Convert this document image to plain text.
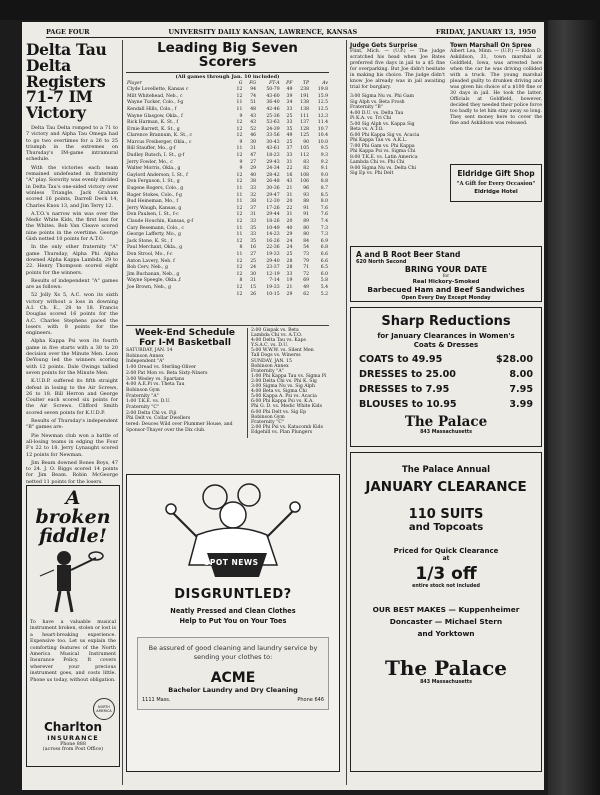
PAGE FOUR	UNIVERSITY DAILY KANSAN, LAWRENCE, KANSAS	FRIDAY, JANUARY 13, 1950
Delta Tau Delta Registers 71-7 IM Victory

Delta Tau Delta romped to a 71 to 7 victory and Alpha Tau Omega had to go two overtimes for a 26 to 25 triumph in the extremes on Thursday's IM-game intramural schedule.

With the victories each team remained undefeated in fraternity "A" play. Sorority was evenly divided in Delta Tau's one-sided victory over winless Triangle. Jack Graham scored 16 points, Darrell Deck 14, Charles Knox 13, and Jim Terry 12.

A.T.O.'s narrow win was over the Medic White Kids, the first loss for the Whites. Bob Van Cleave scored nine points in the overtime. George Gish netted 10 points for A.T.O.

In the only other fraternity "A" game Thursday, Alpha Phi Alpha downed Alpha Kappa Lambda, 29 to 22. Henry Thompson scored eight points for the winners.

Results of independent "A" games are as follows:

52 Jolly Xs 5, A.C. won its sixth victory without a loss in downing A.I. Ch. E., 28 to 18. Francis Douglas scored 16 points for the A.C. Charles Stephens paced the losers with 8 points for the engineers.

Alpha Kappa Psi won its fourth game in five starts with a 30 to 20 decision over the Minute Men. Leon DeYoung led the winners scoring with 12 points. Dale Owings tallied seven points for the Minute Men.

K.U.D.P. suffered its fifth straight defeat in losing to the Air Screws, 26 to 18. Bill Herron and George Coulter each scored six points for the Air Screws. Clifford Smith scored seven points for K.U.D.P.

Results of Thursday's independent "B" games are:

Pie Newman club won a battle of all-losing teams in edging the Four F's 22 to 18. Jerry Lynaught scored 12 points for Newman.

Jim Beam downed Bones Boys, 47 to 24. J. O. Biggs scored 14 points for Jim Beam. Robin McGeorge netted 11 points for the losers.

A broken fiddle!
To have a valuable musical instrument broken, stolen or lost is a heart-breaking experience. Expensive too. Let us explain the comforting features of the North America Musical Instrument Insurance Policy. It covers wherever your precious instrument goes, and costs little. Phone us today, without obligation.
NORTH AMERICA
Charlton
INSURANCE
Phone 888
(across from Post Office)
Leading Big Seven Scorers
(All games through Jan. 10 included)
Player	G	FG	FT-A	PF	TP	Av
Clyde Lovellette, Kansas c	12	94	50-79	49	238	19.8
Milt Whitehead, Neb., c	12	74	43-60	39	191	15.9
Wayne Tucker, Colo., f-g	11	51	36-40	34	138	12.5
Kendall Hills, Colo., f	11	48	42-46	33	138	12.5
Wayne Glasgow, Okla., f	9	43	25-36	25	111	12.3
Rick Harman, K. St., f	12	43	53-63	33	137	11.4
Ernie Barrett, K. St., g	12	52	24-39	35	128	10.7
Clarence Brannum, K. St., c	12	46	33-56	49	125	10.4
Marcus Freiberger, Okla., c	9	30	30-43	25	90	10.0
Bill Stauffer, Mo., g-f	11	31	43-61	37	105	9.5
Dudley Rutsch, I. St., g-f	12	47	18-23	33	112	9.3
Jerry Fowler, Mo., c	9	27	29-43	31	83	9.2
Walter Morris, Okla., g	9	29	24-34	22	82	9.1
Gaylord Anderson, I. St., f	12	40	28-42	16	108	9.0
Don Ferguson, I. St., g	12	38	26-48	43	106	8.8
Eugene Rogers, Colo., g	11	33	30-36	21	96	8.7
Roger Stokes, Colo., f-g	11	32	29-47	31	93	8.5
Bud Heineman, Mo., f	11	38	12-30	20	88	8.0
Jerry Waugh, Kansas, g	12	37	17-26	22	91	7.6
Don Paulsen, I. St., f-c	12	31	29-44	31	91	7.6
Claude Houchin, Kansas, g-f	12	33	18-26	20	89	7.4
Cary Besemann, Colo., c	11	35	10-49	40	80	7.3
George Lafferty, Mo., g	11	33	14-23	29	80	7.3
Jack Stone, K. St., f	12	35	16-26	24	84	6.9
Paul Merchant, Okla., g	8	16	22-36	24	54	6.8
Don Strool, Mo., f-c	11	27	19-33	25	73	6.6
Anton Lavery, Neb. f	12	25	29-40	28	79	6.6
Bob Cerv, Neb., g	12	24	23-37	28	71	6.5
Jim Buchanan, Neb., g	12	30	12-19	33	72	6.0
Wayne Speegle, Okla.,f	8	31	7-14	19	69	5.8
Joe Brown, Neb., g	12	15	19-33	21	49	5.4
	12	26	10-15	29	62	5.2
Week-End Schedule For I-M Basketball
SATURDAY, JAN. 14
Robinson Annex
Independent "A"
1:00 Oread vs. Sterling-Oliver
2:00 Pat Mon vs. Beta Sixty-Niners
3:00 Wesley vs. Spartans
4:00 A.E.Pi vs. Theta Tau
Robinson Gym
Fraternity "A"
1:00 T.K.E. vs. D.U.
Fraternity "C"
2:00 Delta Chi vs. Fiji
Phi Delt vs. Collar Dwellers
tered: Deuces Wild over Plummer House, and Sponsor-Thayer over the Dix club.
2:00 Gispak vs. Beta
Lambda Chi vs. A.T.O.
4:00 Delta Tau vs. Kaps
Y.S.A.C. vs. D.U.
5:00 W.W.W. vs. Silent Men
Tall Dogs vs. Winerss
SUNDAY, JAN. 15
Robinson Annex
Fraternity "A"
1:00 Phi Kappa Tau vs. Sigma Pi
2:00 Delta Chi vs. Phi K. Sig
3:00 Sigma Nu vs. Sig Alph
4:00 Beta vs. Sigma Chi
5:00 Kappa A. Psi vs. Acacia
6:00 Phi Kappa Psi vs. K.A.
Phi G. D. vs. Medic White Kids
6:00 Phi Delt vs. Sig Ep
Robinson Gym
Fraternity "C"
2:00 Phi Psi vs. Katacomb Kids
Edgehill vs. Plan Plungers
SPOT NEWS
DISGRUNTLED?
Neatly Pressed and Clean Clothes
Help to Put You on Your Toes
Be assured of good cleaning and laundry service by sending your clothes to:
ACME
Bachelor Laundry and Dry Cleaning
1111 Mass.	Phone 646
Judge Gets Surprise
Flint, Mich. — (U.P.) — The judge scratched his head when Joe Bates preferred five days in jail to a $5 fine for overparking. But Joe didn't hesitate in making his choice. The judge didn't know Joe already was in jail awaiting trial for burglary.
3:00 Sigma Nu vs. Phi Gam
Sig Alph vs. Beta Frosh
Fraternity "B"
4:00 D.U. vs. Delta Tau
Pi K.A. vs. Tri Chi
5:00 Sig Alph vs. Kappa Sig
Beta vs. A.T.O.
6:00 Phi Kappa Sig vs. Acacia
Phi Kappa Tau vs. A.K.L.
7:00 Phi Gam vs. Phi Kappa
Phi Kappa Psi vs. Sigma Chi
8:00 T.K.E. vs. Latin America
Lambda Chi vs. Phi Chi
9:00 Sigma Nu vs. Delta Chi
Sig Ep vs. Phi Delt
Town Marshall On Spree
Albert Lea, Minn. — (U.P.) — Eldon D. Askildson, 31, town marshal at Goldfield, Iowa, was arrested here when the car he was driving collided with a truck. The young marshal pleaded guilty to drunken driving and was given his choice of a $100 fine or 30 days in jail. He took the latter. Officials at Goldfield, however, decided they needed their police force too badly to let him stay away so long. They sent money here to cover the fine and Askildson was released.
Eldridge Gift Shop
"A Gift for Every Occasion"
Eldridge Hotel
A and B Root Beer Stand
620 North Second
BRING YOUR DATE
for
Real Hickory-Smoked
Barbecued Ham and Beef Sandwiches
Open Every Day Except Monday
Sharp Reductions
for January Clearances in Women's Coats & Dresses
COATS to 49.95	$28.00
DRESSES to 25.00	8.00
DRESSES to 7.95	7.95
BLOUSES to 10.95	3.99
The Palace
843 Massachusetts
The Palace Annual
JANUARY CLEARANCE
110 SUITS
and Topcoats
Priced for Quick Clearance
at
1/3 off
entire stock not included
OUR BEST MAKES — Kuppenheimer
Doncaster — Michael Stern
and Yorktown
The Palace
843 Massachusetts
